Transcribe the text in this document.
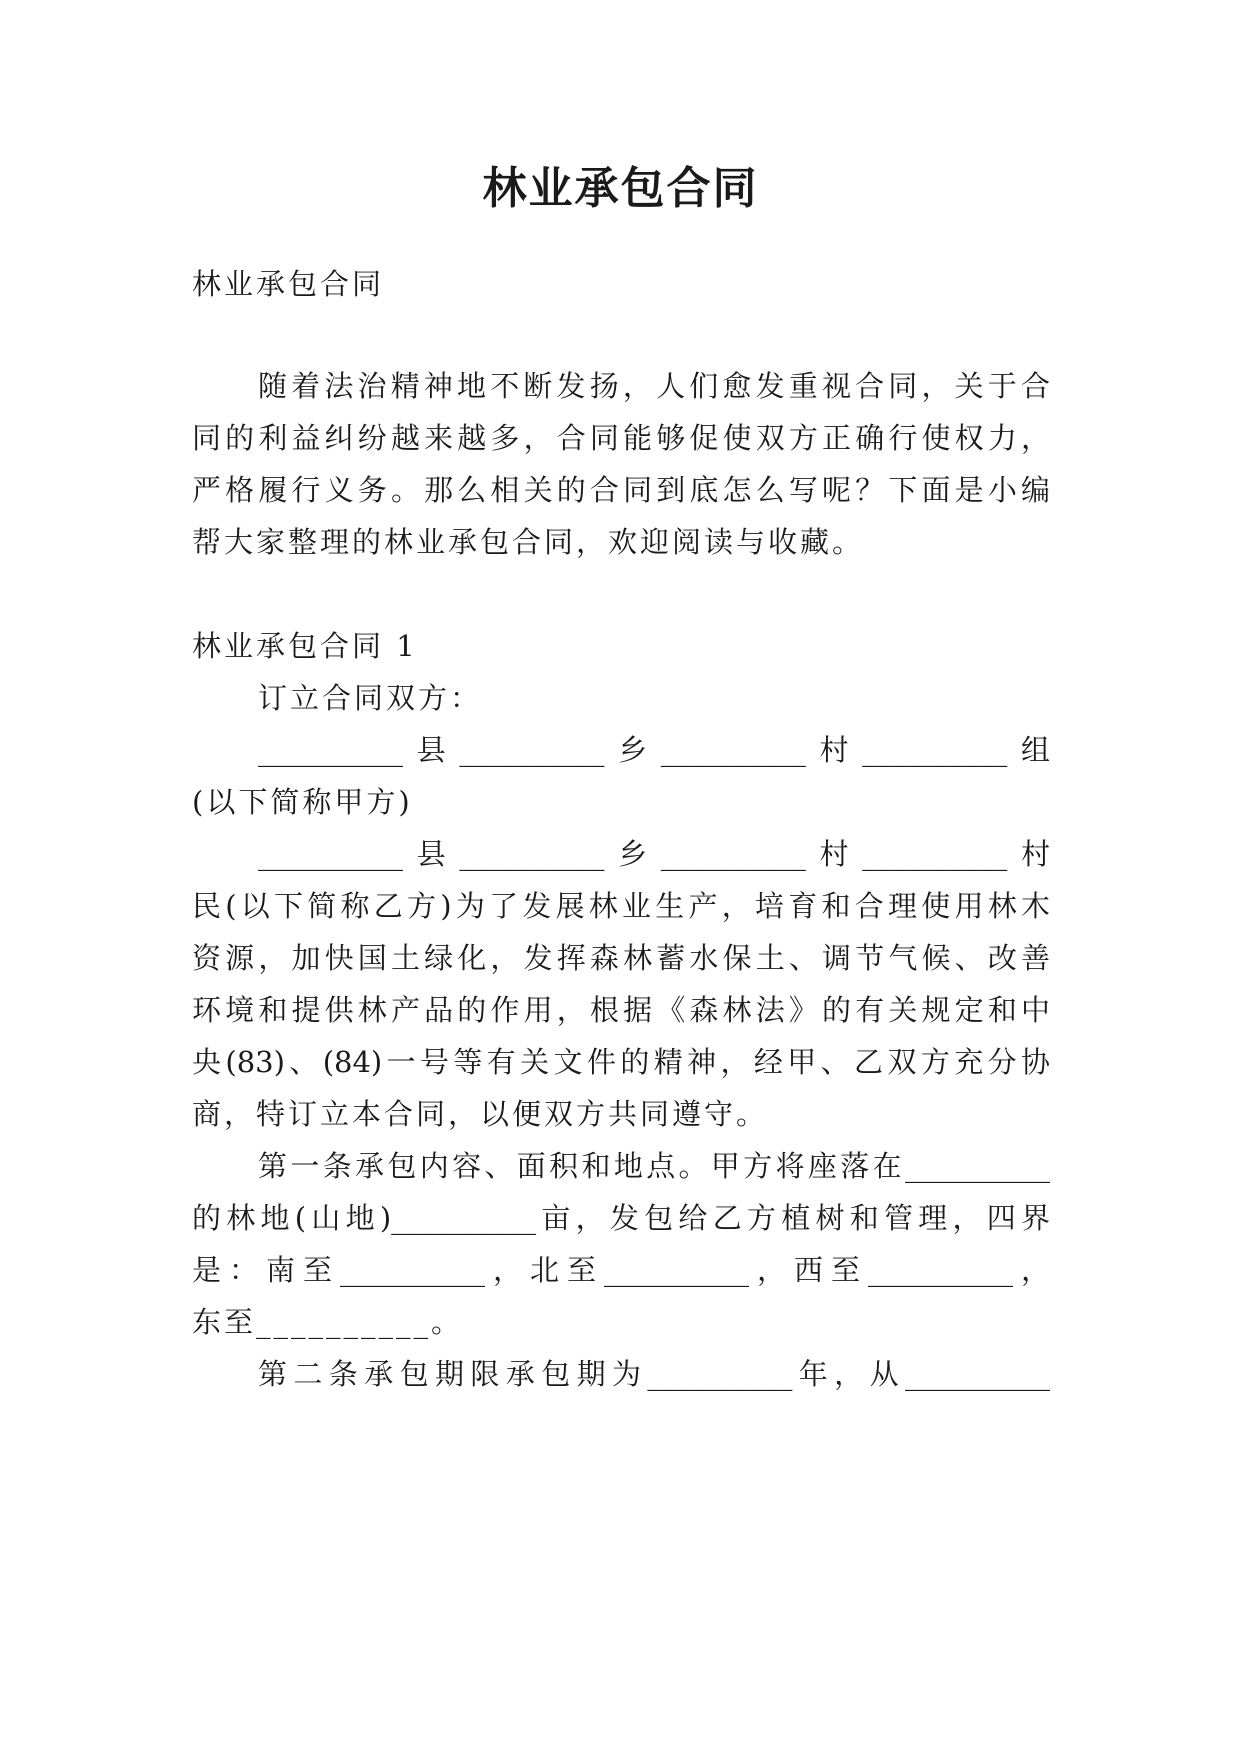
林业承包合同
林业承包合同
随着法治精神地不断发扬，人们愈发重视合同，关于合
同的利益纠纷越来越多，合同能够促使双方正确行使权力，
严格履行义务。那么相关的合同到底怎么写呢？下面是小编
帮大家整理的林业承包合同，欢迎阅读与收藏。
林业承包合同 1
订立合同双方：
__________县__________乡__________村__________组
(以下简称甲方)
__________县__________乡__________村__________村
民(以下简称乙方)为了发展林业生产，培育和合理使用林木
资源，加快国土绿化，发挥森林蓄水保土、调节气候、改善
环境和提供林产品的作用，根据《森林法》的有关规定和中
央(83)、(84)一号等有关文件的精神，经甲、乙双方充分协
商，特订立本合同，以便双方共同遵守。
第一条承包内容、面积和地点。甲方将座落在__________
的林地(山地)__________亩，发包给乙方植树和管理，四界
是：南至__________，北至__________，西至__________，
东至__________。
第二条承包期限承包期为__________年，从__________
